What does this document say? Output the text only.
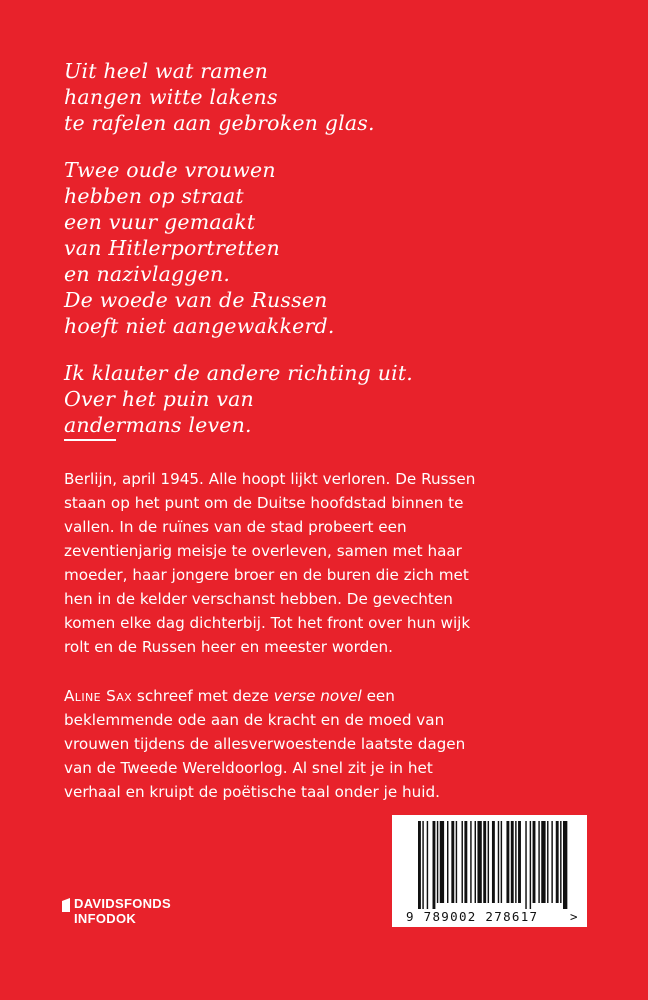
Uit heel wat ramen
hangen witte lakens
te rafelen aan gebroken glas.
Twee oude vrouwen
hebben op straat
een vuur gemaakt
van Hitlerportretten
en nazivlaggen.
De woede van de Russen
hoeft niet aangewakkerd.
Ik klauter de andere richting uit.
Over het puin van
andermans leven.

Berlijn, april 1945. Alle hoopt lijkt verloren. De Russen
staan op het punt om de Duitse hoofdstad binnen te
vallen. In de ruïnes van de stad probeert een
zeventienjarig meisje te overleven, samen met haar
moeder, haar jongere broer en de buren die zich met
hen in de kelder verschanst hebben. De gevechten
komen elke dag dichterbij. Tot het front over hun wijk
rolt en de Russen heer en meester worden.

Aline Sax schreef met deze verse novel een
beklemmende ode aan de kracht en de moed van
vrouwen tijdens de allesverwoestende laatste dagen
van de Tweede Wereldoorlog. Al snel zit je in het
verhaal en kruipt de poëtische taal onder je huid.

9 789002 278617	>
DAVIDSFONDS
INFODOK
